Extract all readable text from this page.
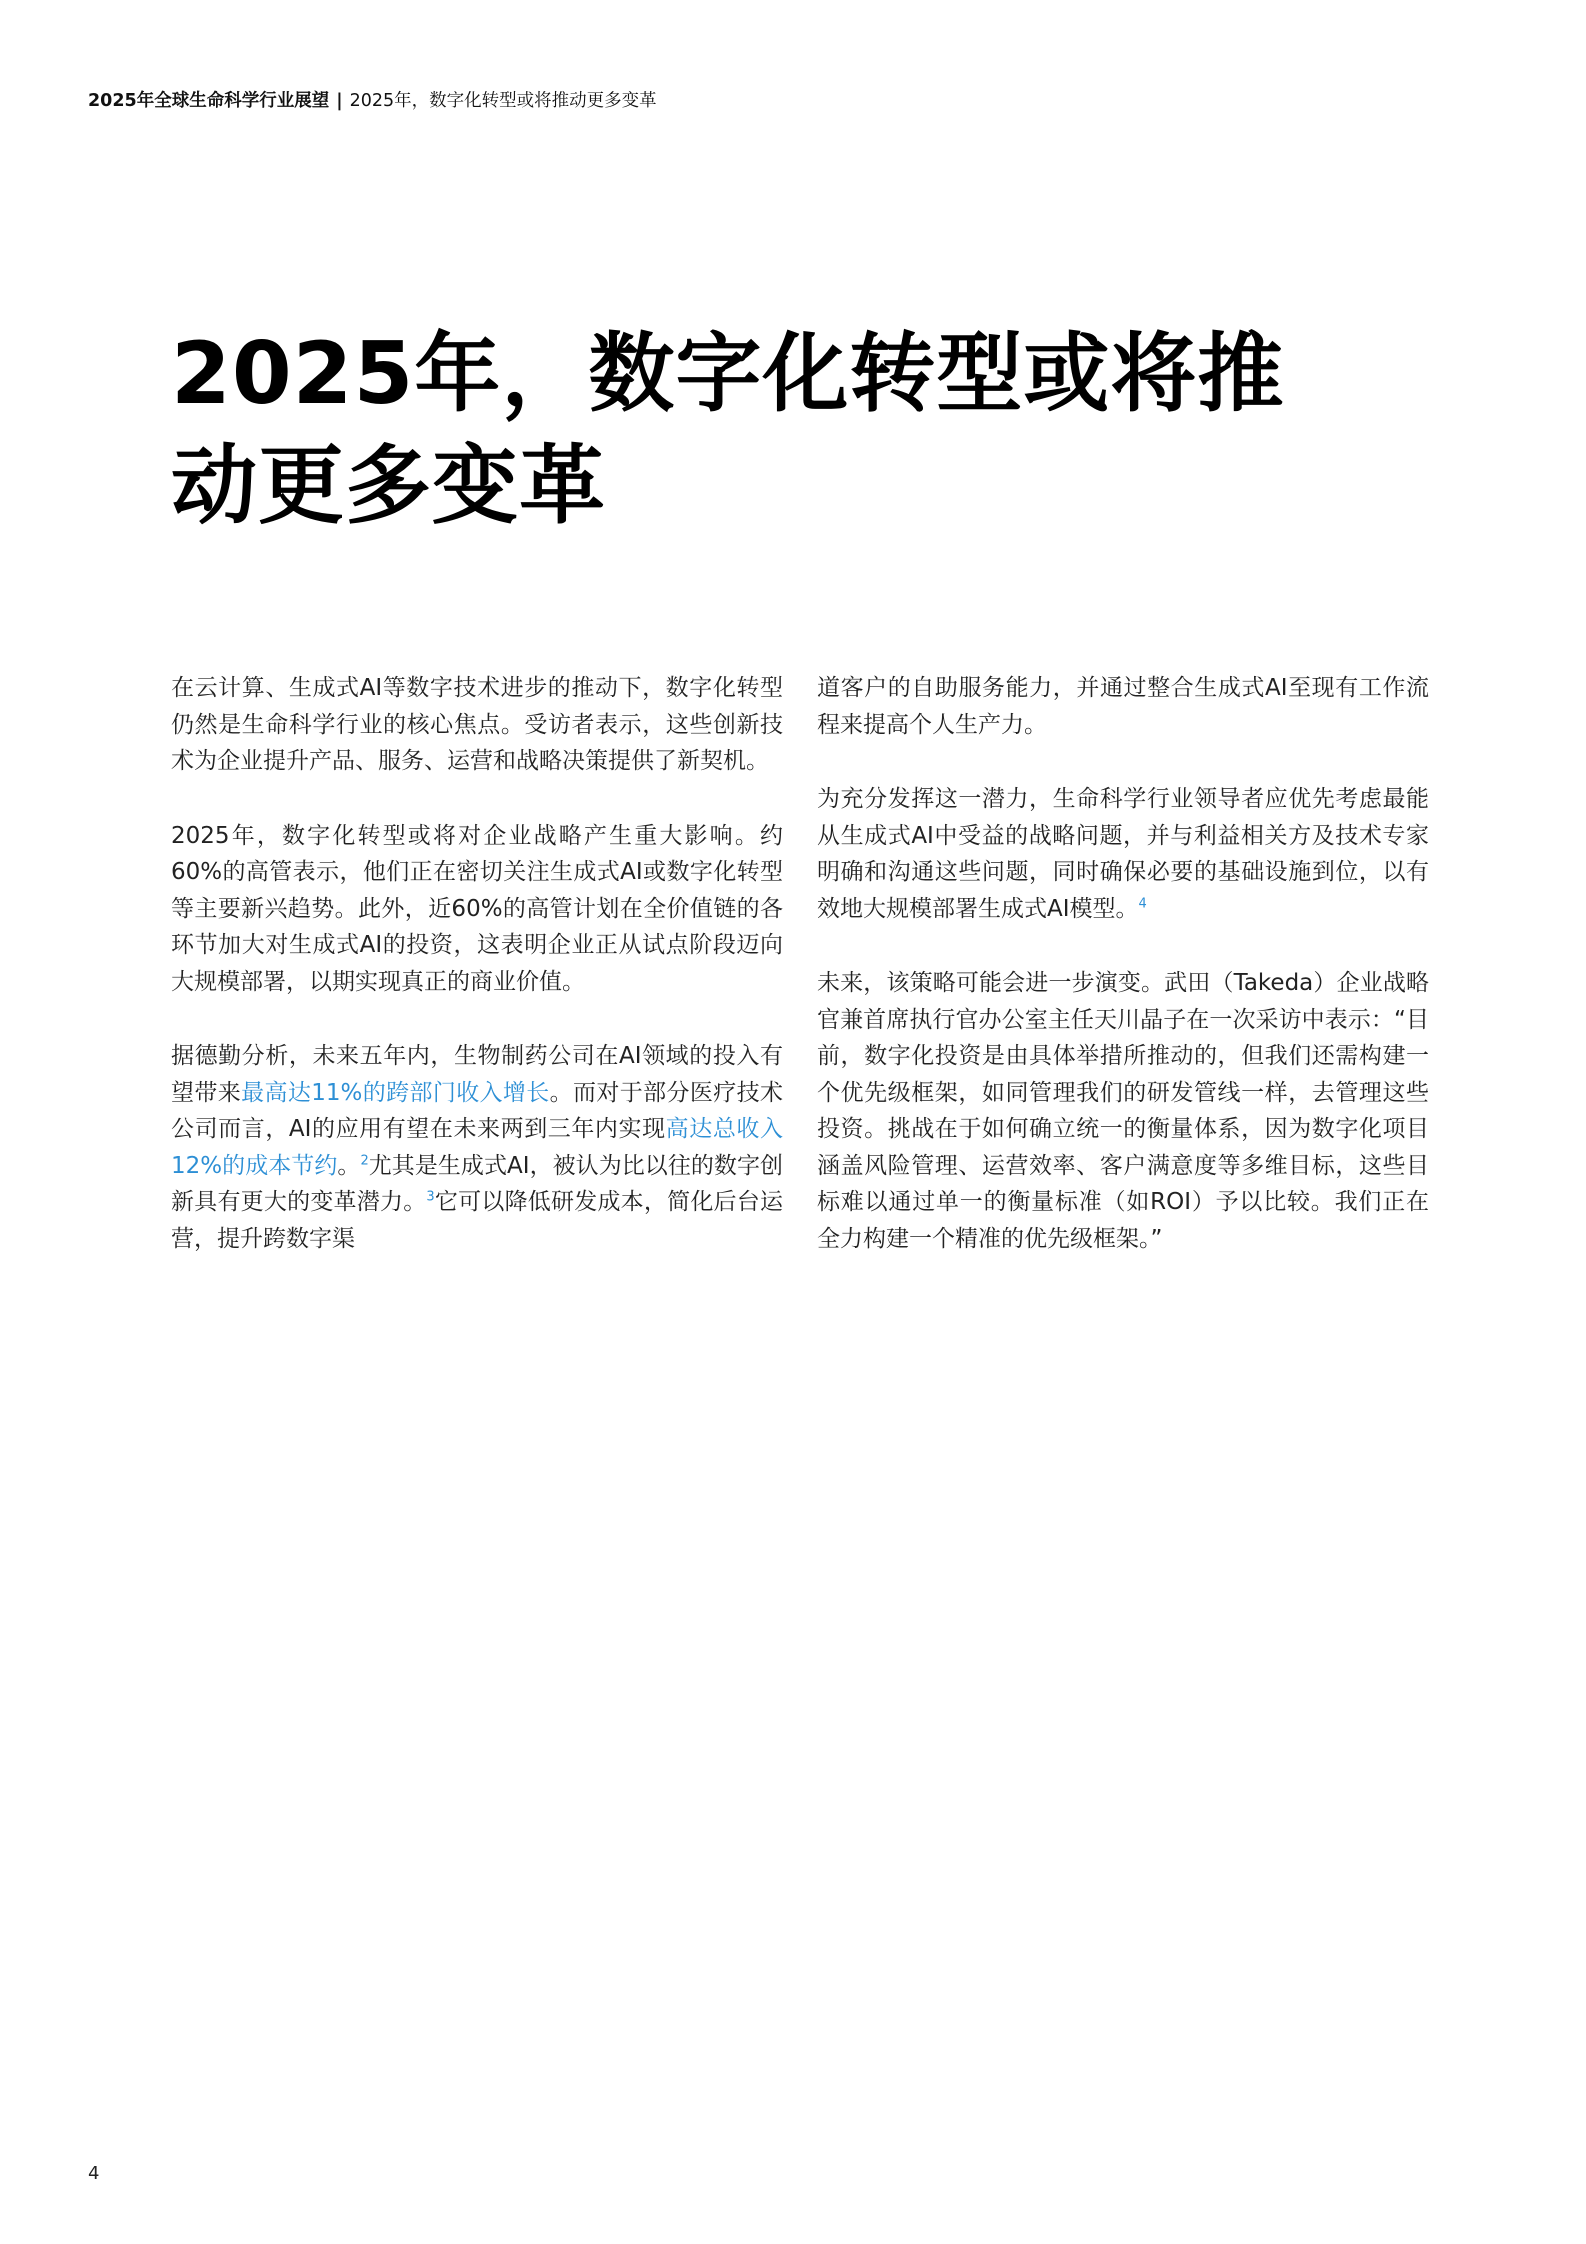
2025年全球生命科学行业展望 | 2025年，数字化转型或将推动更多变革
2025年，数字化转型或将推
动更多变革

在云计算、生成式AI等数字技术进步的推动下，数字化转型仍然是生命科学行业的核心焦点。受访者表示，这些创新技术为企业提升产品、服务、运营和战略决策提供了新契机。

2025年，数字化转型或将对企业战略产生重大影响。约60%的高管表示，他们正在密切关注生成式AI或数字化转型等主要新兴趋势。此外，近60%的高管计划在全价值链的各环节加大对生成式AI的投资，这表明企业正从试点阶段迈向大规模部署，以期实现真正的商业价值。

据德勤分析，未来五年内，生物制药公司在AI领域的投入有望带来最高达11%的跨部门收入增长。而对于部分医疗技术公司而言，AI的应用有望在未来两到三年内实现高达总收入12%的成本节约。$^2$尤其是生成式AI，被认为比以往的数字创新具有更大的变革潜力。$^3$它可以降低研发成本，简化后台运营，提升跨数字渠

道客户的自助服务能力，并通过整合生成式AI至现有工作流程来提高个人生产力。

为充分发挥这一潜力，生命科学行业领导者应优先考虑最能从生成式AI中受益的战略问题，并与利益相关方及技术专家明确和沟通这些问题，同时确保必要的基础设施到位，以有效地大规模部署生成式AI模型。$^4$

未来，该策略可能会进一步演变。武田（Takeda）企业战略官兼首席执行官办公室主任天川晶子在一次采访中表示：“目前，数字化投资是由具体举措所推动的，但我们还需构建一个优先级框架，如同管理我们的研发管线一样，去管理这些投资。挑战在于如何确立统一的衡量体系，因为数字化项目涵盖风险管理、运营效率、客户满意度等多维目标，这些目标难以通过单一的衡量标准（如ROI）予以比较。我们正在全力构建一个精准的优先级框架。”

4
